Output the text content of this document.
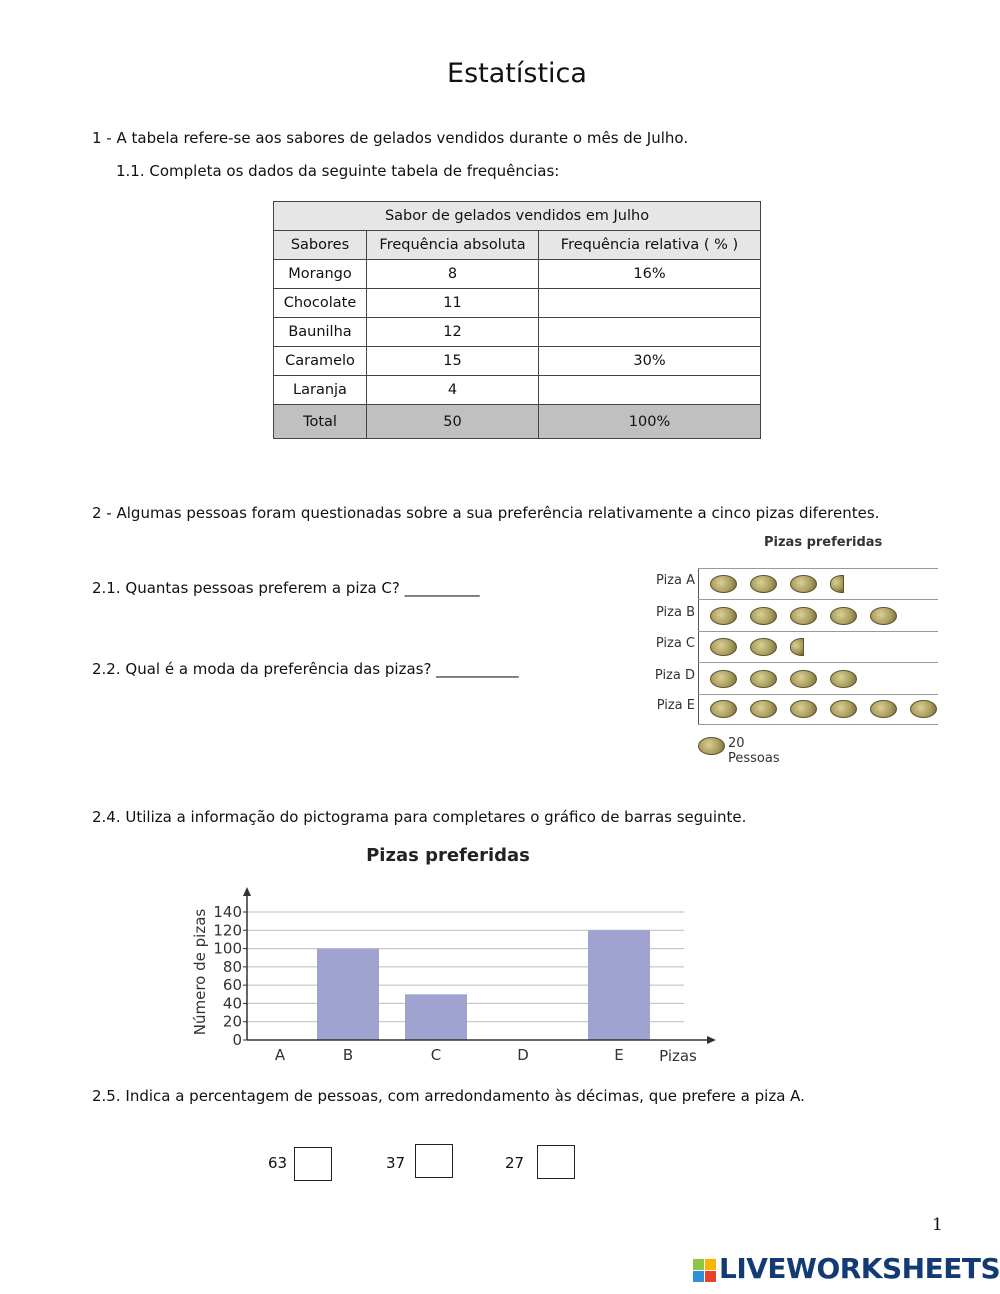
Estatística
1 - A tabela refere-se aos sabores de gelados vendidos durante o mês de Julho.
1.1. Completa os dados da seguinte tabela de frequências:
Sabor de gelados vendidos em Julho		
Sabores	Frequência absoluta	Frequência relativa ( % )
Morango	8	16%
Chocolate	11	
Baunilha	12	
Caramelo	15	30%
Laranja	4	
Total	50	100%
2 - Algumas pessoas foram questionadas sobre a sua preferência relativamente a cinco pizas diferentes.
2.1. Quantas pessoas preferem a piza C? __________
2.2. Qual é a moda da preferência das pizas? ___________
Pizas preferidas
Piza A
Piza B
Piza C
Piza D
Piza E
20 Pessoas
2.4. Utiliza a informação do pictograma para completares o gráfico de barras seguinte.
Pizas preferidas
0
20
40
60
80
100
120
140
A	B	C	D	E Pizas
Número de pizas
2.5. Indica a percentagem de pessoas, com arredondamento às décimas, que prefere a piza A.
63	37	27
1
LIVEWORKSHEETS
